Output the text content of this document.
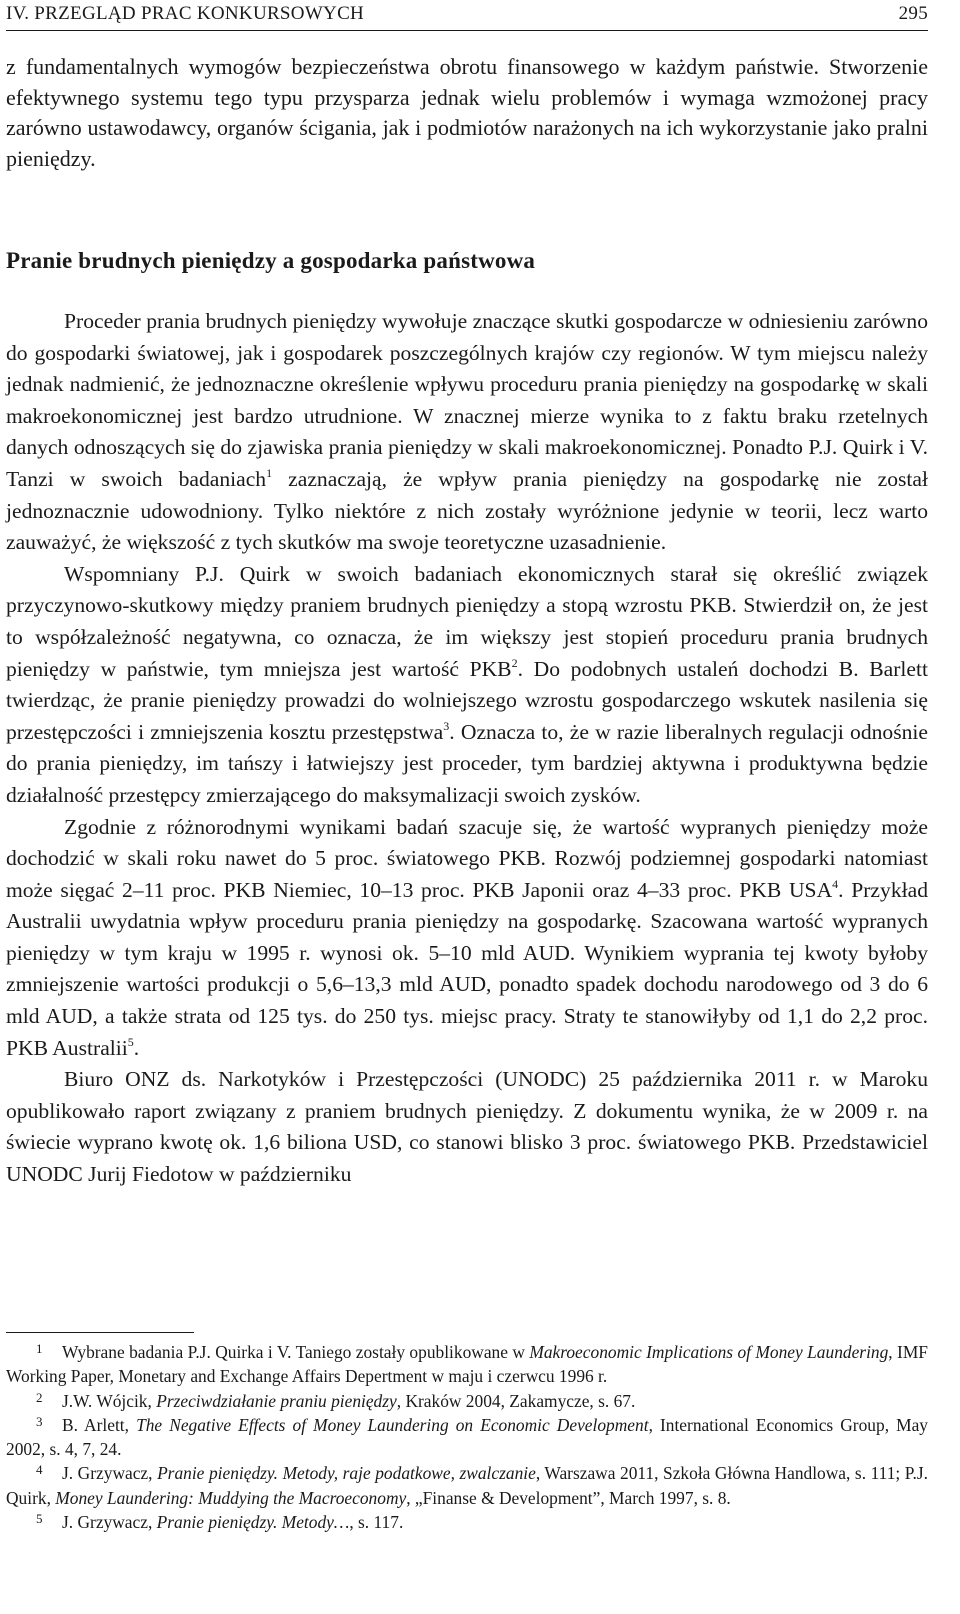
IV. PRZEGLĄD PRAC KONKURSOWYCH	295

z fundamentalnych wymogów bezpieczeństwa obrotu finansowego w każdym państwie. Stworzenie efektywnego systemu tego typu przysparza jednak wielu problemów i wymaga wzmożonej pracy zarówno ustawodawcy, organów ścigania, jak i podmiotów narażonych na ich wykorzystanie jako pralni pieniędzy.

Pranie brudnych pieniędzy a gospodarka państwowa

Proceder prania brudnych pieniędzy wywołuje znaczące skutki gospodarcze w odniesieniu zarówno do gospodarki światowej, jak i gospodarek poszczególnych krajów czy regionów. W tym miejscu należy jednak nadmienić, że jednoznaczne określenie wpływu proceduru prania pieniędzy na gospodarkę w skali makroekonomicznej jest bardzo utrudnione. W znacznej mierze wynika to z faktu braku rzetelnych danych odnoszących się do zjawiska prania pieniędzy w skali makroekonomicznej. Ponadto P.J. Quirk i V. Tanzi w swoich badaniach$^1$ zaznaczają, że wpływ prania pieniędzy na gospodarkę nie został jednoznacznie udowodniony. Tylko niektóre z nich zostały wyróżnione jedynie w teorii, lecz warto zauważyć, że większość z tych skutków ma swoje teoretyczne uzasadnienie.

Wspomniany P.J. Quirk w swoich badaniach ekonomicznych starał się określić związek przyczynowo-skutkowy między praniem brudnych pieniędzy a stopą wzrostu PKB. Stwierdził on, że jest to współzależność negatywna, co oznacza, że im większy jest stopień proceduru prania brudnych pieniędzy w państwie, tym mniejsza jest wartość PKB$^2$. Do podobnych ustaleń dochodzi B. Barlett twierdząc, że pranie pieniędzy prowadzi do wolniejszego wzrostu gospodarczego wskutek nasilenia się przestępczości i zmniejszenia kosztu przestępstwa$^3$. Oznacza to, że w razie liberalnych regulacji odnośnie do prania pieniędzy, im tańszy i łatwiejszy jest proceder, tym bardziej aktywna i produktywna będzie działalność przestępcy zmierzającego do maksymalizacji swoich zysków.

Zgodnie z różnorodnymi wynikami badań szacuje się, że wartość wypranych pieniędzy może dochodzić w skali roku nawet do 5 proc. światowego PKB. Rozwój podziemnej gospodarki natomiast może sięgać 2–11 proc. PKB Niemiec, 10–13 proc. PKB Japonii oraz 4–33 proc. PKB USA$^4$. Przykład Australii uwydatnia wpływ proceduru prania pieniędzy na gospodarkę. Szacowana wartość wypranych pieniędzy w tym kraju w 1995 r. wynosi ok. 5–10 mld AUD. Wynikiem wyprania tej kwoty byłoby zmniejszenie wartości produkcji o 5,6–13,3 mld AUD, ponadto spadek dochodu narodowego od 3 do 6 mld AUD, a także strata od 125 tys. do 250 tys. miejsc pracy. Straty te stanowiłyby od 1,1 do 2,2 proc. PKB Australii$^5$.

Biuro ONZ ds. Narkotyków i Przestępczości (UNODC) 25 października 2011 r. w Maroku opublikowało raport związany z praniem brudnych pieniędzy. Z dokumentu wynika, że w 2009 r. na świecie wyprano kwotę ok. 1,6 biliona USD, co stanowi blisko 3 proc. światowego PKB. Przedstawiciel UNODC Jurij Fiedotow w październiku

1 Wybrane badania P.J. Quirka i V. Taniego zostały opublikowane w Makroeconomic Implications of Money Laundering, IMF Working Paper, Monetary and Exchange Affairs Depertment w maju i czerwcu 1996 r.

2 J.W. Wójcik, Przeciwdziałanie praniu pieniędzy, Kraków 2004, Zakamycze, s. 67.

3 B. Arlett, The Negative Effects of Money Laundering on Economic Development, International Economics Group, May 2002, s. 4, 7, 24.

4 J. Grzywacz, Pranie pieniędzy. Metody, raje podatkowe, zwalczanie, Warszawa 2011, Szkoła Główna Handlowa, s. 111; P.J. Quirk, Money Laundering: Muddying the Macroeconomy, „Finanse & Development”, March 1997, s. 8.

5 J. Grzywacz, Pranie pieniędzy. Metody…, s. 117.
